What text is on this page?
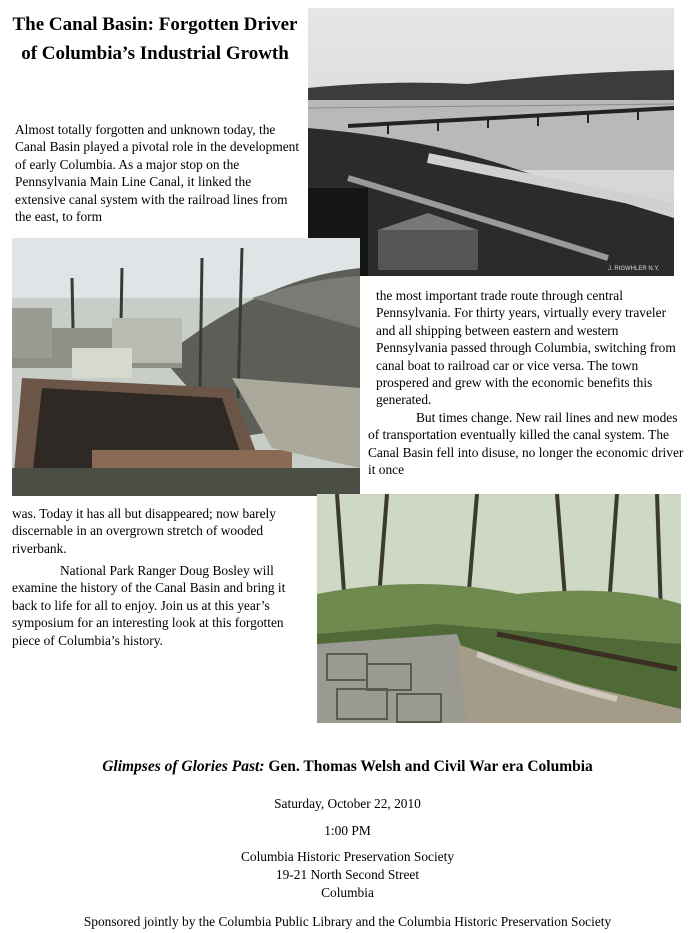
The Canal Basin: Forgotten Driver of Columbia’s Industrial Growth

Almost totally forgotten and unknown today, the Canal Basin played a pivotal role in the development of early Columbia. As a major stop on the Pennsylvania Main Line Canal, it linked the extensive canal system with the railroad lines from the east, to form

J. RIGWHLER N.Y.

the most important trade route through central Pennsylvania. For thirty years, virtually every traveler and all shipping between eastern and western Pennsylvania passed through Columbia, switching from canal boat to railroad car or vice versa. The town prospered and grew with the economic benefits this generated.

But times change. New rail lines and new modes of transportation eventually killed the canal system. The Canal Basin fell into disuse, no longer the economic driver it once

was. Today it has all but disappeared; now barely discernable in an overgrown stretch of wooded riverbank.

National Park Ranger Doug Bosley will examine the history of the Canal Basin and bring it back to life for all to enjoy. Join us at this year’s symposium for an interesting look at this forgotten piece of Columbia’s history.

Glimpses of Glories Past: Gen. Thomas Welsh and Civil War era Columbia
Saturday, October 22, 2010
1:00 PM
Columbia Historic Preservation Society
19-21 North Second Street
Columbia
Sponsored jointly by the Columbia Public Library and the Columbia Historic Preservation Society
